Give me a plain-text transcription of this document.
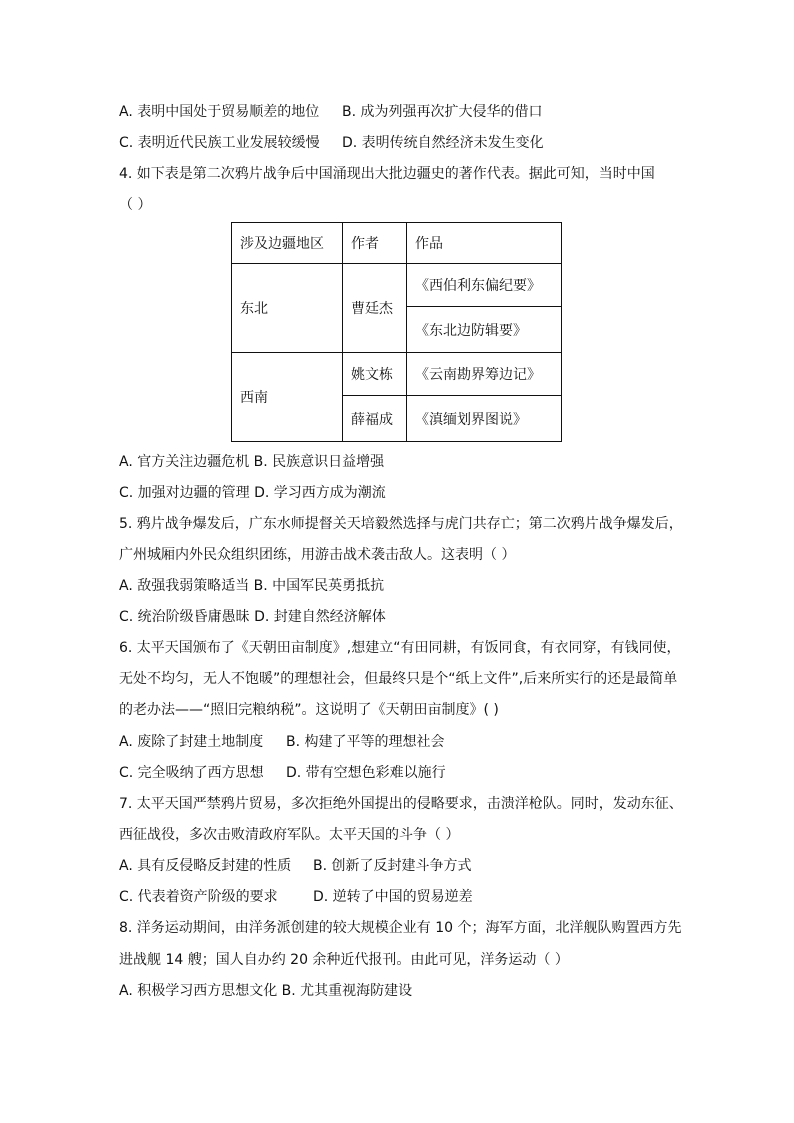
A. 表明中国处于贸易顺差的地位 B. 成为列强再次扩大侵华的借口
C. 表明近代民族工业发展较缓慢 D. 表明传统自然经济未发生变化
4. 如下表是第二次鸦片战争后中国涌现出大批边疆史的著作代表。据此可知，当时中国
（ ）
涉及边疆地区	作者	作品
东北	曹廷杰	《西伯利东偏纪要》
		《东北边防辑要》
西南	姚文栋	《云南勘界筹边记》
	薛福成	《滇缅划界图说》
A. 官方关注边疆危机 B. 民族意识日益增强
C. 加强对边疆的管理 D. 学习西方成为潮流
5. 鸦片战争爆发后，广东水师提督关天培毅然选择与虎门共存亡；第二次鸦片战争爆发后，
广州城厢内外民众组织团练，用游击战术袭击敌人。这表明（ ）
A. 敌强我弱策略适当 B. 中国军民英勇抵抗
C. 统治阶级昏庸愚昧 D. 封建自然经济解体
6. 太平天国颁布了《天朝田亩制度》,想建立“有田同耕，有饭同食，有衣同穿，有钱同使，
无处不均匀，无人不饱暖”的理想社会，但最终只是个“纸上文件”,后来所实行的还是最简单
的老办法——“照旧完粮纳税”。这说明了《天朝田亩制度》( )
A. 废除了封建土地制度 B. 构建了平等的理想社会
C. 完全吸纳了西方思想 D. 带有空想色彩难以施行
7. 太平天国严禁鸦片贸易，多次拒绝外国提出的侵略要求，击溃洋枪队。同时，发动东征、
西征战役，多次击败清政府军队。太平天国的斗争（ ）
A. 具有反侵略反封建的性质 B. 创新了反封建斗争方式
C. 代表着资产阶级的要求	D. 逆转了中国的贸易逆差
8. 洋务运动期间，由洋务派创建的较大规模企业有 10 个；海军方面，北洋舰队购置西方先
进战舰 14 艘；国人自办约 20 余种近代报刊。由此可见，洋务运动（ ）
A. 积极学习西方思想文化 B. 尤其重视海防建设
